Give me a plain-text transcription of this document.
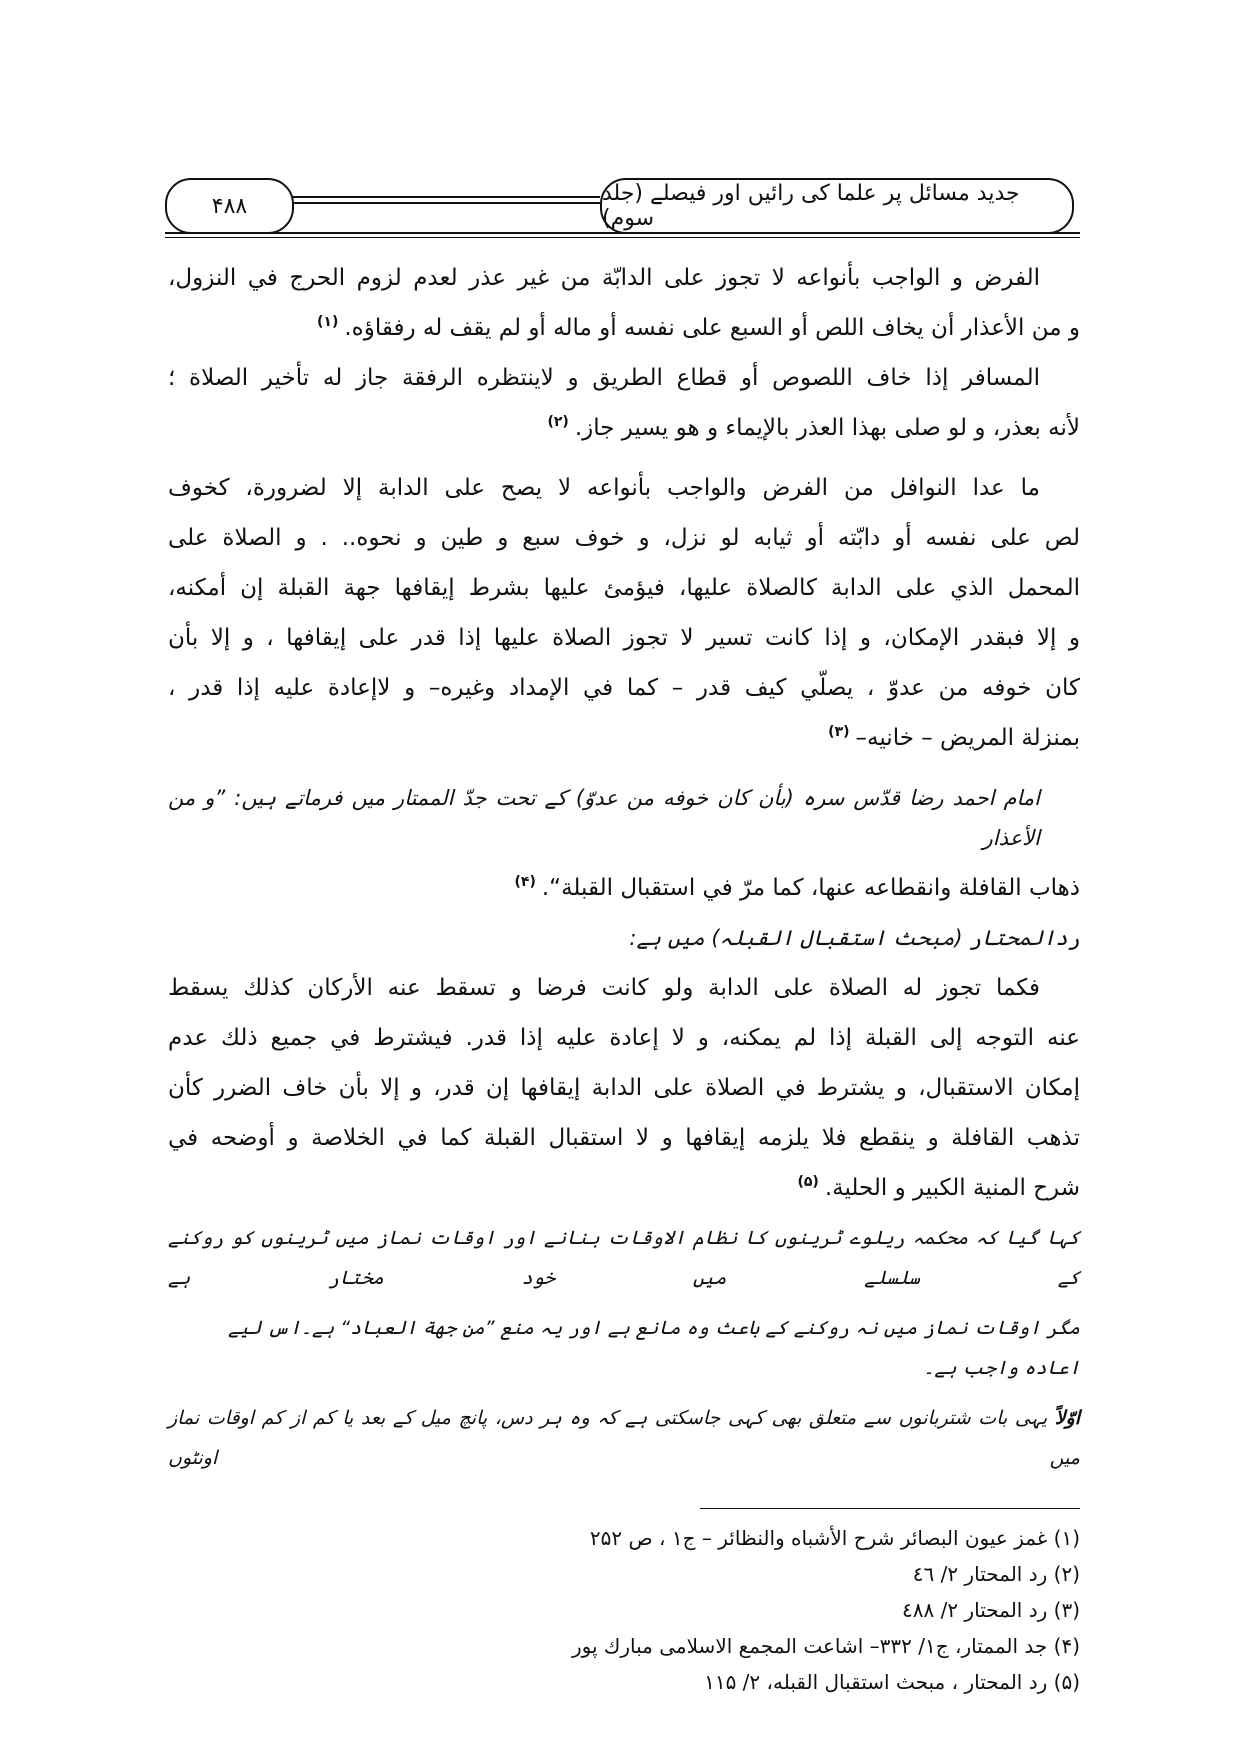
جدید مسائل پر علما کی رائیں اور فیصلے (جلد سوم)
۴۸۸
الفرض و الواجب بأنواعه لا تجوز على الدابّة من غير عذر لعدم لزوم الحرج في النزول،
و من الأعذار أن يخاف اللص أو السبع على نفسه أو ماله أو لم يقف له رفقاؤه.$^{(۱)}$
المسافر إذا خاف اللصوص أو قطاع الطريق و لاينتظره الرفقة جاز له تأخير الصلاة ؛
لأنه بعذر، و لو صلى بهذا العذر بالإيماء و هو يسير جاز.$^{(۲)}$
ما عدا النوافل من الفرض والواجب بأنواعه لا يصح على الدابة إلا لضرورة، كخوف
لص على نفسه أو دابّته أو ثيابه لو نزل، و خوف سبع و طين و نحوه.. . و الصلاة على
المحمل الذي على الدابة كالصلاة عليها، فيؤمئ عليها بشرط إيقافها جهة القبلة إن أمكنه،
و إلا فبقدر الإمكان، و إذا كانت تسير لا تجوز الصلاة عليها إذا قدر على إيقافها ، و إلا بأن
كان خوفه من عدوّ ، يصلّي كيف قدر – كما في الإمداد وغيره– و لاإعادة عليه إذا قدر ،
بمنزلة المريض – خانيه–$^{(۳)}$
امام احمد رضا قدّس سرہ (بأن كان خوفه من عدوّ) کے تحت جدّ الممتار میں فرماتے ہیں: ”و من الأعذار
ذهاب القافلة وانقطاعه عنها، كما مرّ في استقبال القبلة“.$^{(۴)}$
ردالمحتار (مبحث استقبال القبلہ) میں ہے:
فكما تجوز له الصلاة على الدابة ولو كانت فرضا و تسقط عنه الأركان كذلك يسقط
عنه التوجه إلى القبلة إذا لم يمكنه، و لا إعادة عليه إذا قدر. فيشترط في جميع ذلك عدم
إمكان الاستقبال، و يشترط في الصلاة على الدابة إيقافها إن قدر، و إلا بأن خاف الضرر كأن
تذهب القافلة و ينقطع فلا يلزمه إيقافها و لا استقبال القبلة كما في الخلاصة و أوضحه في
شرح المنية الكبير و الحلية.$^{(۵)}$
کہا گیا کہ محکمہ ریلوے ٹرینوں کا نظام الاوقات بنانے اور اوقات نماز میں ٹرینوں کو روکنے کے سلسلے میں خود مختار ہے
مگر اوقات نماز میں نہ روکنے کے باعث وہ مانع ہے اور یہ منع ”من جهة العباد“ ہے۔اس لیے اعادہ واجب ہے۔
اوّلاً یہی بات شتربانوں سے متعلق بھی کہی جاسکتی ہے کہ وہ ہر دس، پانچ میل کے بعد یا کم از کم اوقات نماز میں اونٹوں
(۱) غمز عيون البصائر شرح الأشباه والنظائر – ج۱ ، ص ۲۵۲
(۲) رد المحتار ۲/ ٤٦
(۳) رد المحتار ۲/ ٤٨٨
(۴) جد الممتار، ج۱/ ۳۳۲– اشاعت المجمع الاسلامی مبارك پور
(۵) رد المحتار ، مبحث استقبال القبله، ۲/ ۱۱۵
